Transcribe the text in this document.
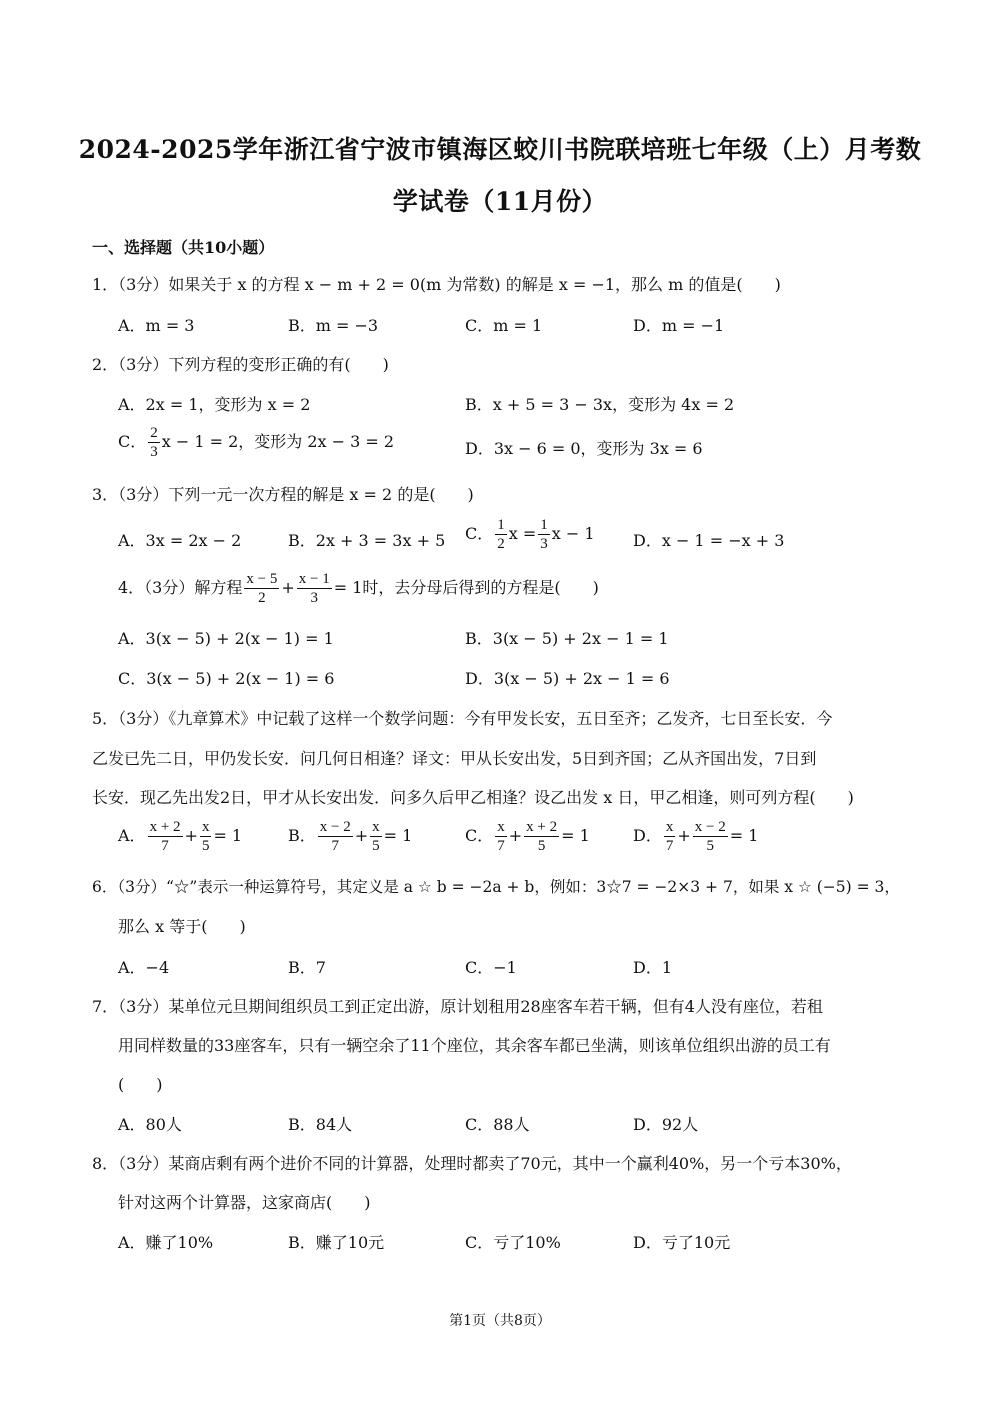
2024-2025学年浙江省宁波市镇海区蛟川书院联培班七年级（上）月考数
学试卷（11月份）
一、选择题（共10小题）
1．（3分）如果关于 x 的方程 x − m + 2 = 0(m 为常数) 的解是 x = −1，那么 m 的值是(　　)
A．m = 3	B．m = −3	C．m = 1	D．m = −1
2．（3分）下列方程的变形正确的有(　　)
A．2x = 1，变形为 x = 2	B．x + 5 = 3 − 3x，变形为 4x = 2
C． $\frac{2}{3}$ x − 1 = 2，变形为 2x − 3 = 2	D．3x − 6 = 0，变形为 3x = 6
3．（3分）下列一元一次方程的解是 x = 2 的是(　　)
A．3x = 2x − 2	B．2x + 3 = 3x + 5 C． $\frac{1}{2}$ $x = \frac{1}{3}$ x − 1 D．x − 1 = −x + 3
4．（3分）解方程 $\frac{x - 5}{2} + \frac{x - 1}{3} = 1$时，去分母后得到的方程是(　　)
A．3(x − 5) + 2(x − 1) = 1	B．3(x − 5) + 2x − 1 = 1
C．3(x − 5) + 2(x − 1) = 6	D．3(x − 5) + 2x − 1 = 6
5．（3分）《九章算术》中记载了这样一个数学问题：今有甲发长安，五日至齐；乙发齐，七日至长安．今
乙发已先二日，甲仍发长安．问几何日相逢？译文：甲从长安出发，5日到齐国；乙从齐国出发，7日到
长安．现乙先出发2日，甲才从长安出发．问多久后甲乙相逢？设乙出发 x 日，甲乙相逢，则可列方程(　　)
A． $\frac{x + 2}{7} + \frac{x}{5} = 1$	B． $\frac{x - 2}{7} + \frac{x}{5} = 1$	C． $\frac{x}{7} + \frac{x + 2}{5} = 1$	D． $\frac{x}{7} + \frac{x - 2}{5} = 1$
6．（3分）“☆”表示一种运算符号，其定义是 a ☆ b = −2a + b，例如：3☆7 = −2×3 + 7，如果 x ☆ (−5) = 3，
那么 x 等于(　　)
A．−4	B．7	C．−1	D．1
7．（3分）某单位元旦期间组织员工到正定出游，原计划租用28座客车若干辆，但有4人没有座位，若租
用同样数量的33座客车，只有一辆空余了11个座位，其余客车都已坐满，则该单位组织出游的员工有
(　　)
A．80人	B．84人	C．88人	D．92人
8．（3分）某商店剩有两个进价不同的计算器，处理时都卖了70元，其中一个赢利40%，另一个亏本30%，
针对这两个计算器，这家商店(　　)
A．赚了10%	B．赚了10元	C．亏了10%	D．亏了10元
第1页（共8页）
